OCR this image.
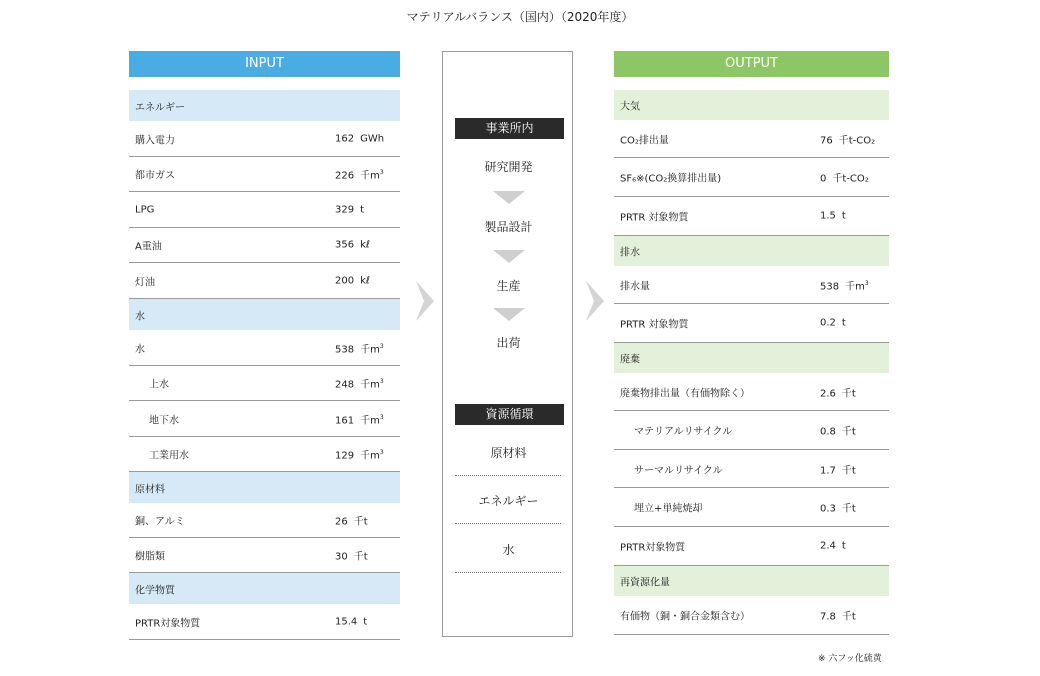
マテリアルバランス（国内）（2020年度）
INPUT
エネルギー
購入電力	162 GWh
都市ガス	226 千$m^3$
LPG	329 t
A重油	356 kℓ
灯油	200 kℓ
水
水	538 千$m^3$
上水	248 千$m^3$
地下水	161 千$m^3$
工業用水	129 千$m^3$
原材料
銅、アルミ	26 千t
樹脂類	30 千t
化学物質
PRTR対象物質	15.4 t
事業所内
研究開発
製品設計
生産
出荷
資源循環
原材料
エネルギー
水
OUTPUT
大気
CO₂排出量	76 千t-CO₂
SF₆※(CO₂換算排出量)	0 千t-CO₂
PRTR 対象物質	1.5 t
排水
排水量	538 千$m^3$
PRTR 対象物質	0.2 t
廃棄
廃棄物排出量（有価物除く）	2.6 千t
マテリアルリサイクル	0.8 千t
サーマルリサイクル	1.7 千t
埋立+単純焼却	0.3 千t
PRTR対象物質	2.4 t
再資源化量
有価物（銅・銅合金類含む）	7.8 千t
※ 六フッ化硫黄
